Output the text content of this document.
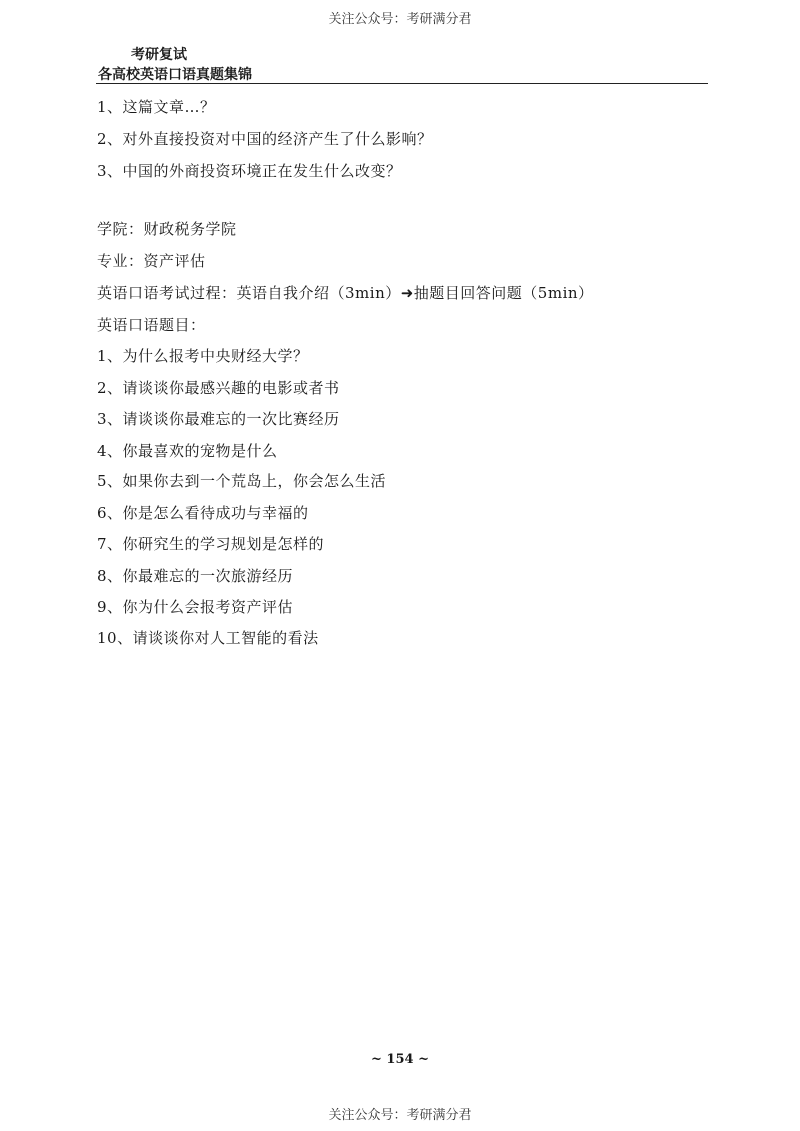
关注公众号：考研满分君
考研复试
各高校英语口语真题集锦
1、这篇文章…？
2、对外直接投资对中国的经济产生了什么影响？
3、中国的外商投资环境正在发生什么改变？
学院：财政税务学院
专业：资产评估
英语口语考试过程：英语自我介绍（3min）➜抽题目回答问题（5min）
英语口语题目：
1、为什么报考中央财经大学？
2、请谈谈你最感兴趣的电影或者书
3、请谈谈你最难忘的一次比赛经历
4、你最喜欢的宠物是什么
5、如果你去到一个荒岛上，你会怎么生活
6、你是怎么看待成功与幸福的
7、你研究生的学习规划是怎样的
8、你最难忘的一次旅游经历
9、你为什么会报考资产评估
10、请谈谈你对人工智能的看法
~ 154 ~
关注公众号：考研满分君
